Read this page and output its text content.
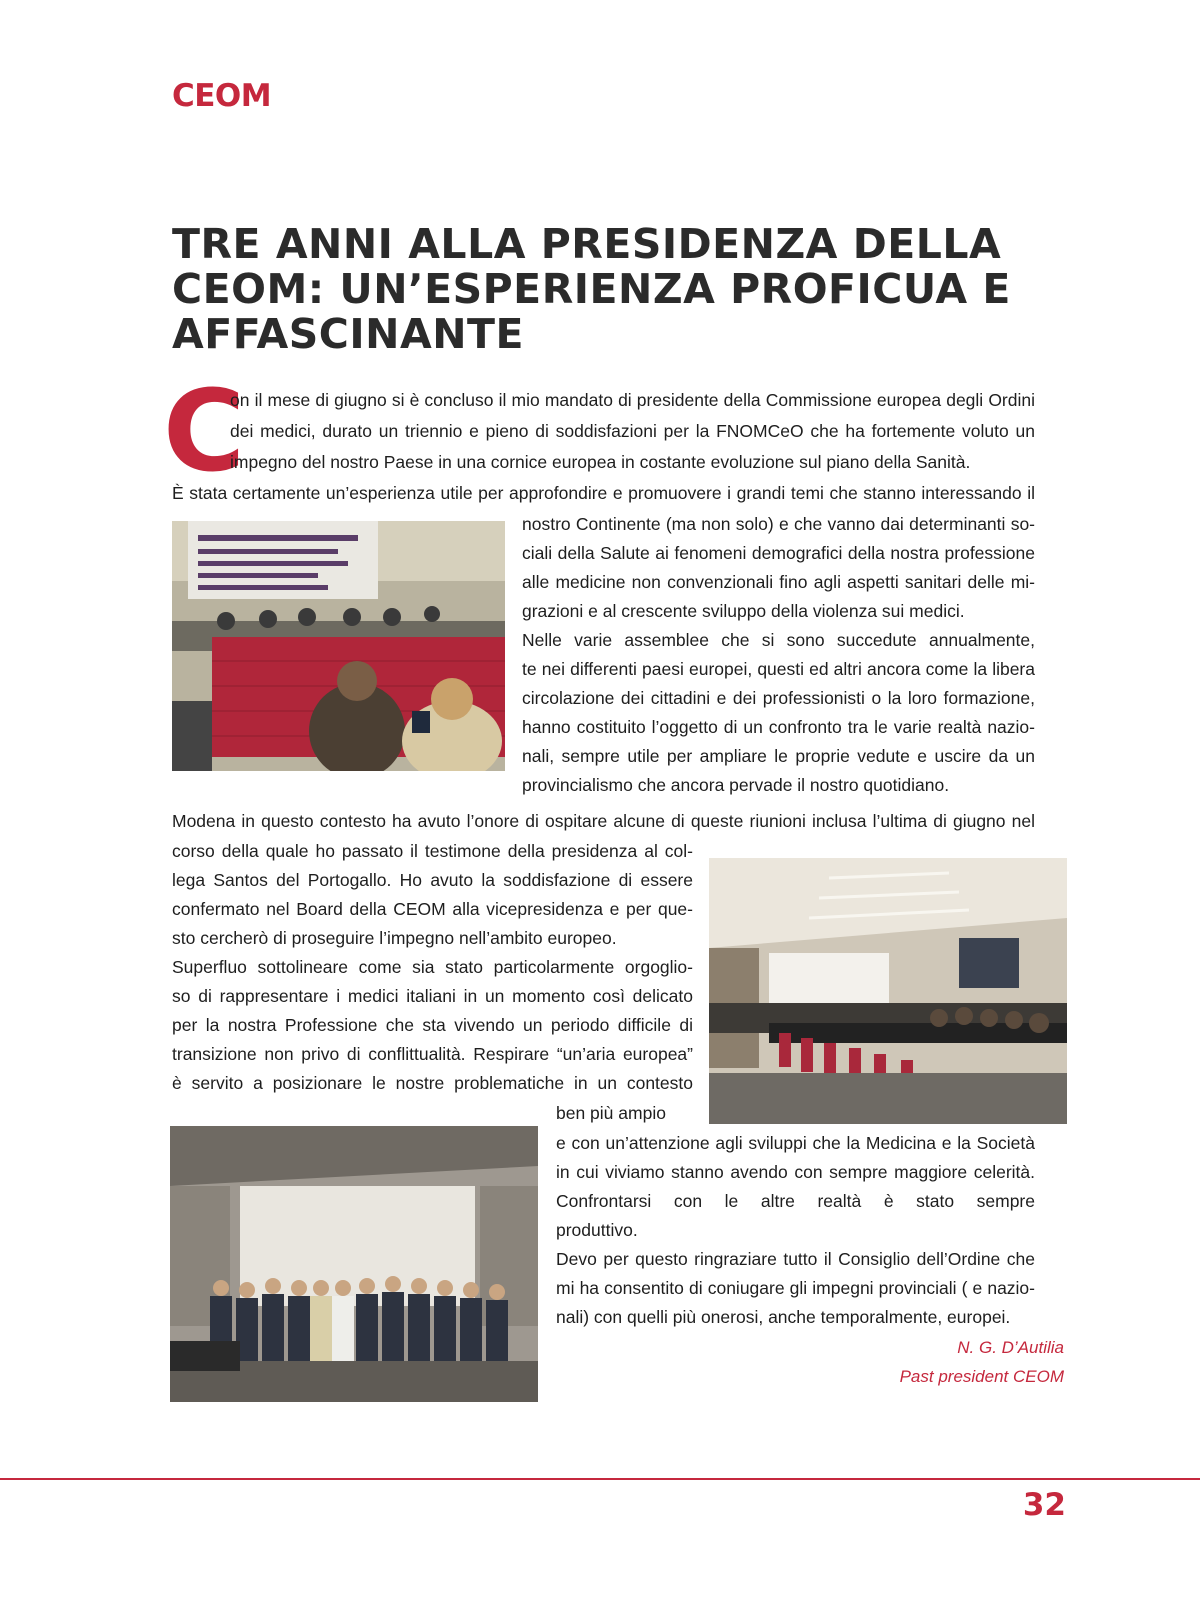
CEOM
TRE ANNI ALLA PRESIDENZA DELLA
CEOM: UN’ESPERIENZA PROFICUA E
AFFASCINANTE
C
on il mese di giugno si è concluso il mio mandato di presidente della Commissione europea degli Ordini
dei medici, durato un triennio e pieno di soddisfazioni per la FNOMCeO che ha fortemente voluto un
impegno del nostro Paese in una cornice europea in costante evoluzione sul piano della Sanità.
È stata certamente un’esperienza utile per approfondire e promuovere i grandi temi che stanno interessando il
nostro Continente (ma non solo) e che vanno dai determinanti so-
ciali della Salute ai fenomeni demografici della nostra professione
alle medicine non convenzionali fino agli aspetti sanitari delle mi-
grazioni e al crescente sviluppo della violenza sui medici.
Nelle varie assemblee che si sono succedute annualmente,
te nei differenti paesi europei, questi ed altri ancora come la libera
circolazione dei cittadini e dei professionisti o la loro formazione,
hanno costituito l’oggetto di un confronto tra le varie realtà nazio-
nali, sempre utile per ampliare le proprie vedute e uscire da un
provincialismo che ancora pervade il nostro quotidiano.
Modena in questo contesto ha avuto l’onore di ospitare alcune di queste riunioni inclusa l’ultima di giugno nel
corso della quale ho passato il testimone della presidenza al col-
lega Santos del Portogallo. Ho avuto la soddisfazione di essere
confermato nel Board della CEOM alla vicepresidenza e per que-
sto cercherò di proseguire l’impegno nell’ambito europeo.
Superfluo sottolineare come sia stato particolarmente orgoglio-
so di rappresentare i medici italiani in un momento così delicato
per la nostra Professione che sta vivendo un periodo difficile di
transizione non privo di conflittualità. Respirare “un’aria europea”
è servito a posizionare le nostre problematiche in un contesto
ben più ampio
e con un’attenzione agli sviluppi che la Medicina e la Società
in cui viviamo stanno avendo con sempre maggiore celerità.
Confrontarsi con le altre realtà è stato sempre
produttivo.
Devo per questo ringraziare tutto il Consiglio dell’Ordine che
mi ha consentito di coniugare gli impegni provinciali ( e nazio-
nali) con quelli più onerosi, anche temporalmente, europei.
N. G. D’Autilia
Past president CEOM
32
